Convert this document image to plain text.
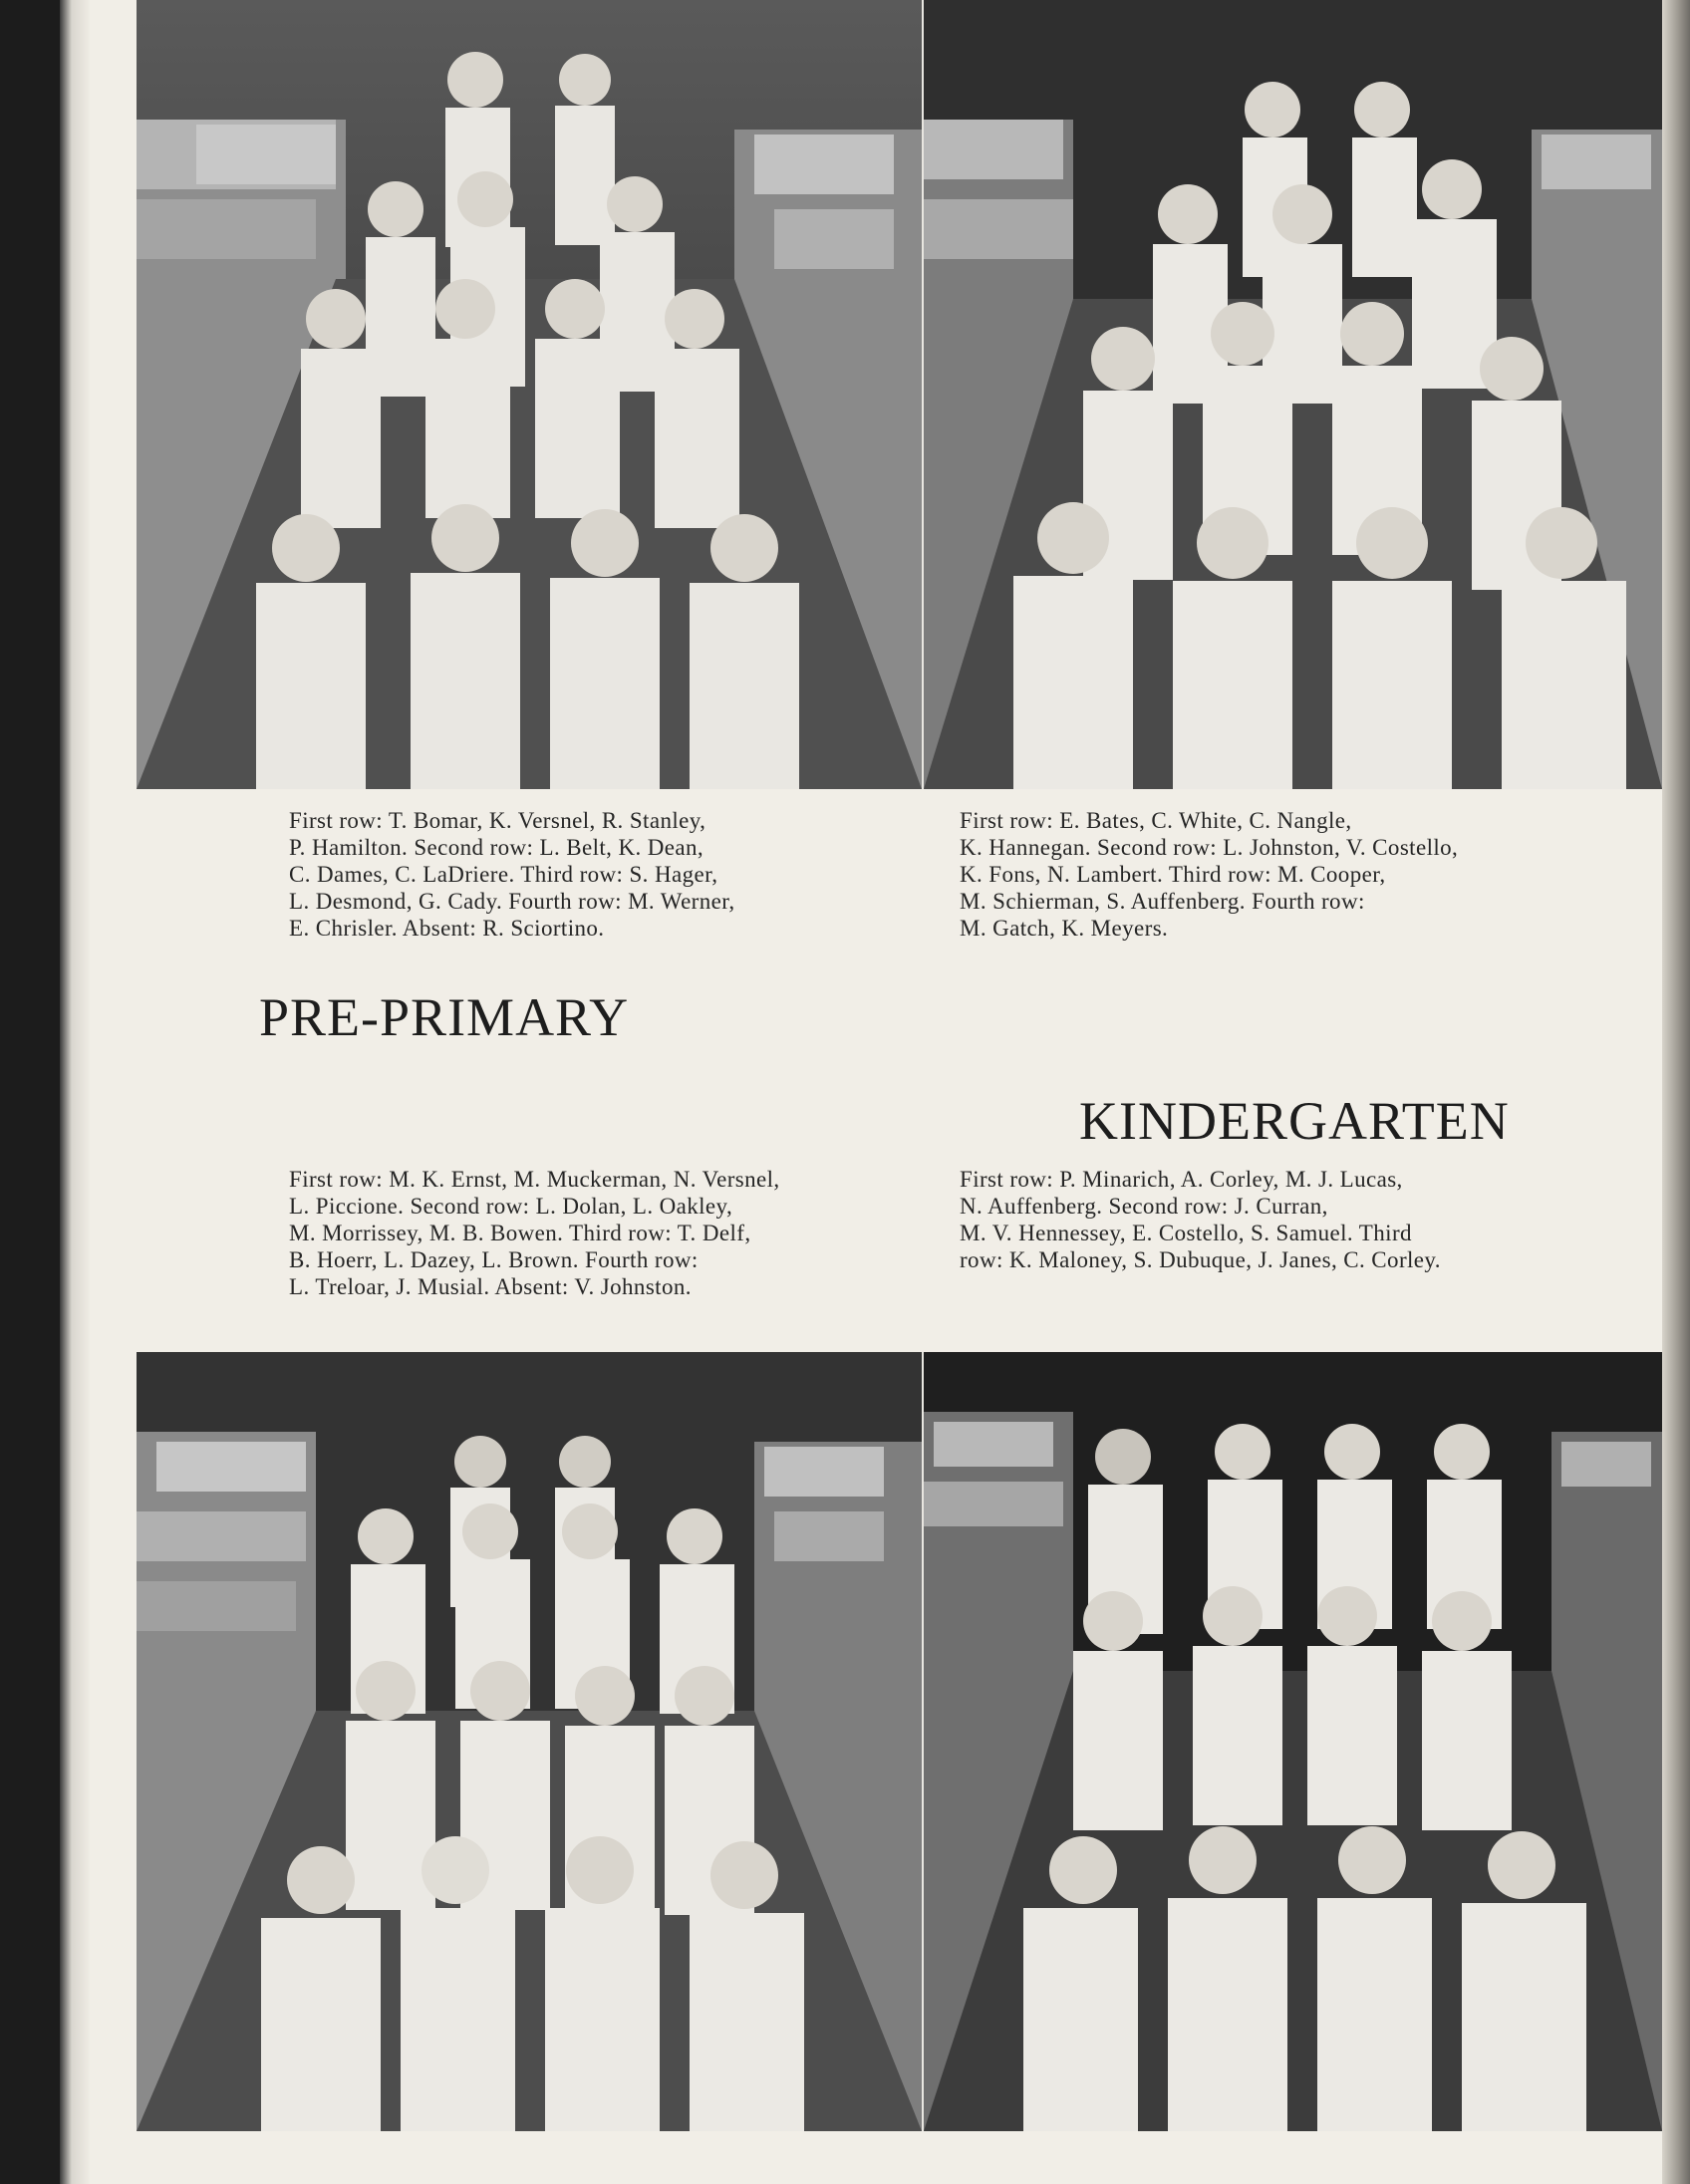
First row: T. Bomar, K. Versnel, R. Stanley,

P. Hamilton. Second row: L. Belt, K. Dean,

C. Dames, C. LaDriere. Third row: S. Hager,

L. Desmond, G. Cady. Fourth row: M. Werner,

E. Chrisler. Absent: R. Sciortino.

First row: E. Bates, C. White, C. Nangle,

K. Hannegan. Second row: L. Johnston, V. Costello,

K. Fons, N. Lambert. Third row: M. Cooper,

M. Schierman, S. Auffenberg. Fourth row:

M. Gatch, K. Meyers.

PRE-PRIMARY
KINDERGARTEN

First row: M. K. Ernst, M. Muckerman, N. Versnel,

L. Piccione. Second row: L. Dolan, L. Oakley,

M. Morrissey, M. B. Bowen. Third row: T. Delf,

B. Hoerr, L. Dazey, L. Brown. Fourth row:

L. Treloar, J. Musial. Absent: V. Johnston.

First row: P. Minarich, A. Corley, M. J. Lucas,

N. Auffenberg. Second row: J. Curran,

M. V. Hennessey, E. Costello, S. Samuel. Third

row: K. Maloney, S. Dubuque, J. Janes, C. Corley.
